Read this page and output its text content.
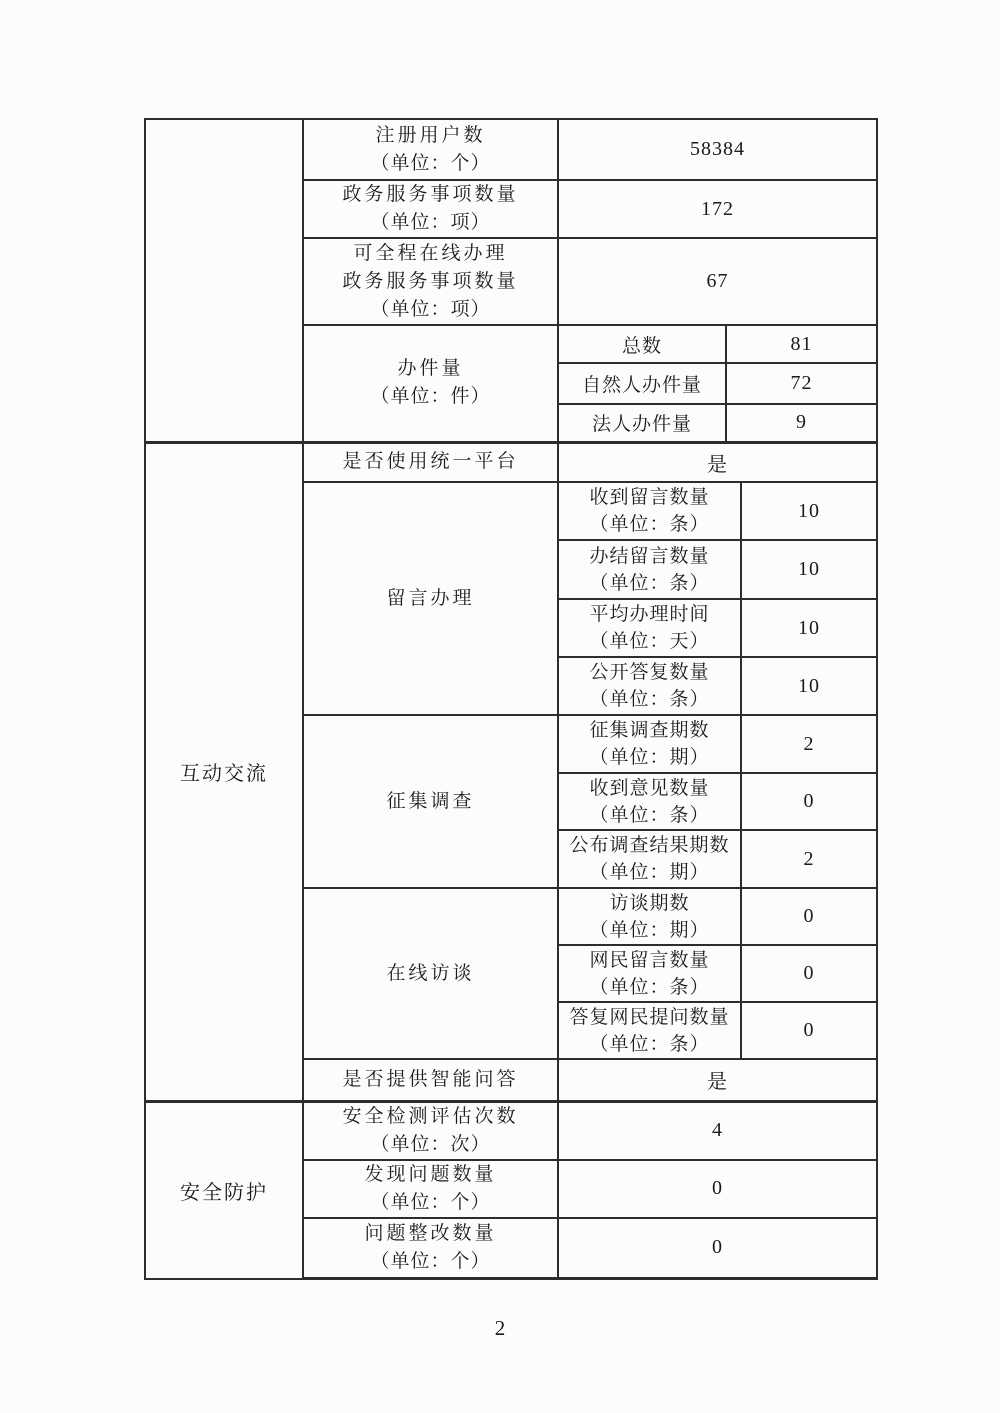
	注册用户数
（单位：个）	58384		

	政务服务事项数量
（单位：项）	172		

	可全程在线办理
政务服务事项数量
（单位：项）	67		

	办件量
（单位：件）	总数	81	
		自然人办件量	72	
		法人办件量	9	
互动交流	是否使用统一平台	是		

	留言办理	收到留言数量
（单位：条）		10

		办结留言数量
（单位：条）		10

		平均办理时间
（单位：天）		10

		公开答复数量
（单位：条）		10

	征集调查	征集调查期数
（单位：期）		2

		收到意见数量
（单位：条）		0

		公布调查结果期数
（单位：期）		2

	在线访谈	访谈期数
（单位：期）		0

		网民留言数量
（单位：条）		0

		答复网民提问数量
（单位：条）		0

	是否提供智能问答	是		
安全防护	安全检测评估次数
（单位：次）	4		

	发现问题数量
（单位：个）	0		

	问题整改数量
（单位：个）	0		
2
